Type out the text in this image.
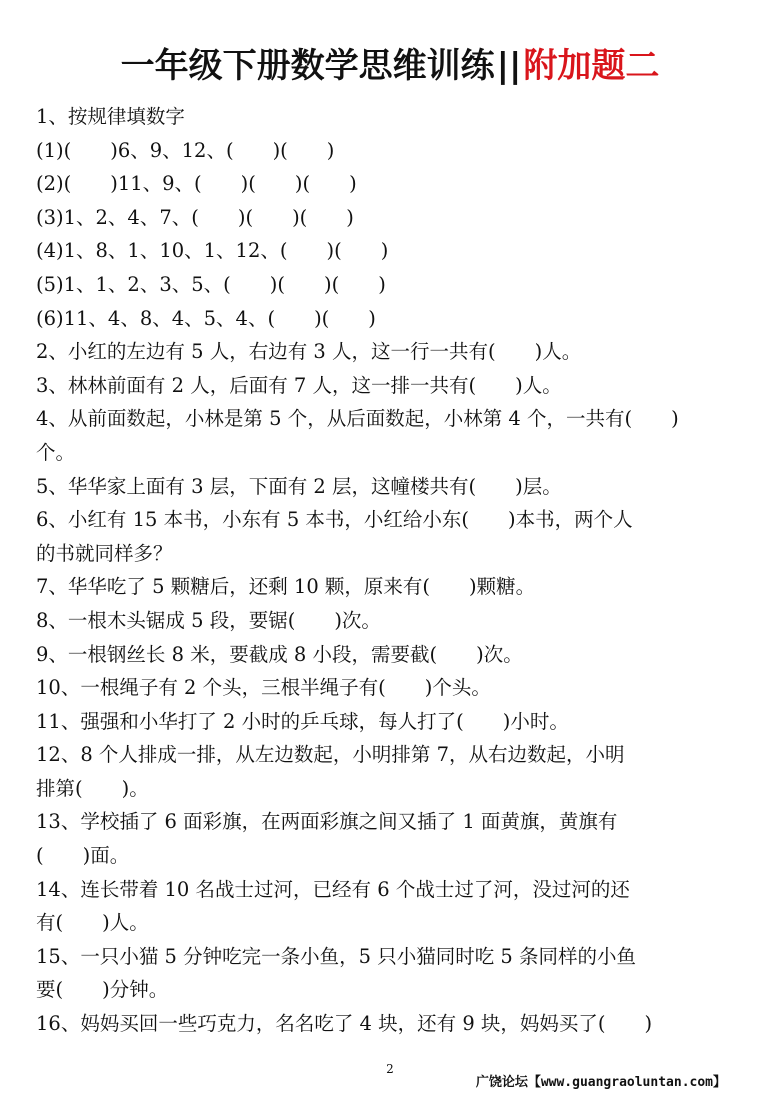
一年级下册数学思维训练||附加题二
1、按规律填数字
(1)(　　)6、9、12、(　　)(　　)
(2)(　　)11、9、(　　)(　　)(　　)
(3)1、2、4、7、(　　)(　　)(　　)
(4)1、8、1、10、1、12、(　　)(　　)
(5)1、1、2、3、5、(　　)(　　)(　　)
(6)11、4、8、4、5、4、(　　)(　　)
2、小红的左边有 5 人，右边有 3 人，这一行一共有(　　)人。
3、林林前面有 2 人，后面有 7 人，这一排一共有(　　)人。
4、从前面数起，小林是第 5 个，从后面数起，小林第 4 个，一共有(　　)
个。
5、华华家上面有 3 层，下面有 2 层，这幢楼共有(　　)层。
6、小红有 15 本书，小东有 5 本书，小红给小东(　　)本书，两个人
的书就同样多？
7、华华吃了 5 颗糖后，还剩 10 颗，原来有(　　)颗糖。
8、一根木头锯成 5 段，要锯(　　)次。
9、一根钢丝长 8 米，要截成 8 小段，需要截(　　)次。
10、一根绳子有 2 个头，三根半绳子有(　　)个头。
11、强强和小华打了 2 小时的乒乓球，每人打了(　　)小时。
12、8 个人排成一排，从左边数起，小明排第 7，从右边数起，小明
排第(　　)。
13、学校插了 6 面彩旗，在两面彩旗之间又插了 1 面黄旗，黄旗有
(　　)面。
14、连长带着 10 名战士过河，已经有 6 个战士过了河，没过河的还
有(　　)人。
15、一只小猫 5 分钟吃完一条小鱼，5 只小猫同时吃 5 条同样的小鱼
要(　　)分钟。
16、妈妈买回一些巧克力，名名吃了 4 块，还有 9 块，妈妈买了(　　)
2
广饶论坛【www.guangraoluntan.com】
